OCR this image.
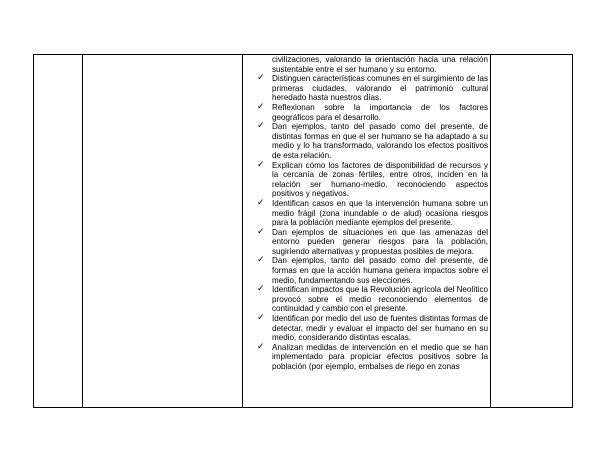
civilizaciones, valorando la orientación hacia una relación sustentable entre el ser humano y su entorno.
✓ Distinguen características comunes en el surgimiento de las primeras ciudades, valorando el patrimonio cultural heredado hasta nuestros días.
✓ Reflexionan sobre la importancia de los factores geográficos para el desarrollo.
✓ Dan ejemplos, tanto del pasado como del presente, de distintas formas en que el ser humano se ha adaptado a su medio y lo ha transformado, valorando los efectos positivos de esta relación.
✓ Explican cómo los factores de disponibilidad de recursos y la cercanía de zonas fértiles, entre otros, inciden en la relación ser humano-medio, reconociendo aspectos positivos y negativos.
✓ Identifican casos en que la intervención humana sobre un medio frágil (zona inundable o de alud) ocasiona riesgos para la población mediante ejemplos del presente.
✓ Dan ejemplos de situaciones en que las amenazas del entorno pueden generar riesgos para la población, sugiriendo alternativas y propuestas posibles de mejora.
✓ Dan ejemplos, tanto del pasado como del presente, de formas en que la acción humana genera impactos sobre el medio, fundamentando sus elecciones.
✓ Identifican impactos que la Revolución agrícola del Neolítico provocó sobre el medio reconociendo elementos de continuidad y cambio con el presente.
✓ Identifican por medio del uso de fuentes distintas formas de detectar, medir y evaluar el impacto del ser humano en su medio, considerando distintas escalas.
✓ Analizan medidas de intervención en el medio que se han implementado para propiciar efectos positivos sobre la población (por ejemplo, embalses de riego en zonas
